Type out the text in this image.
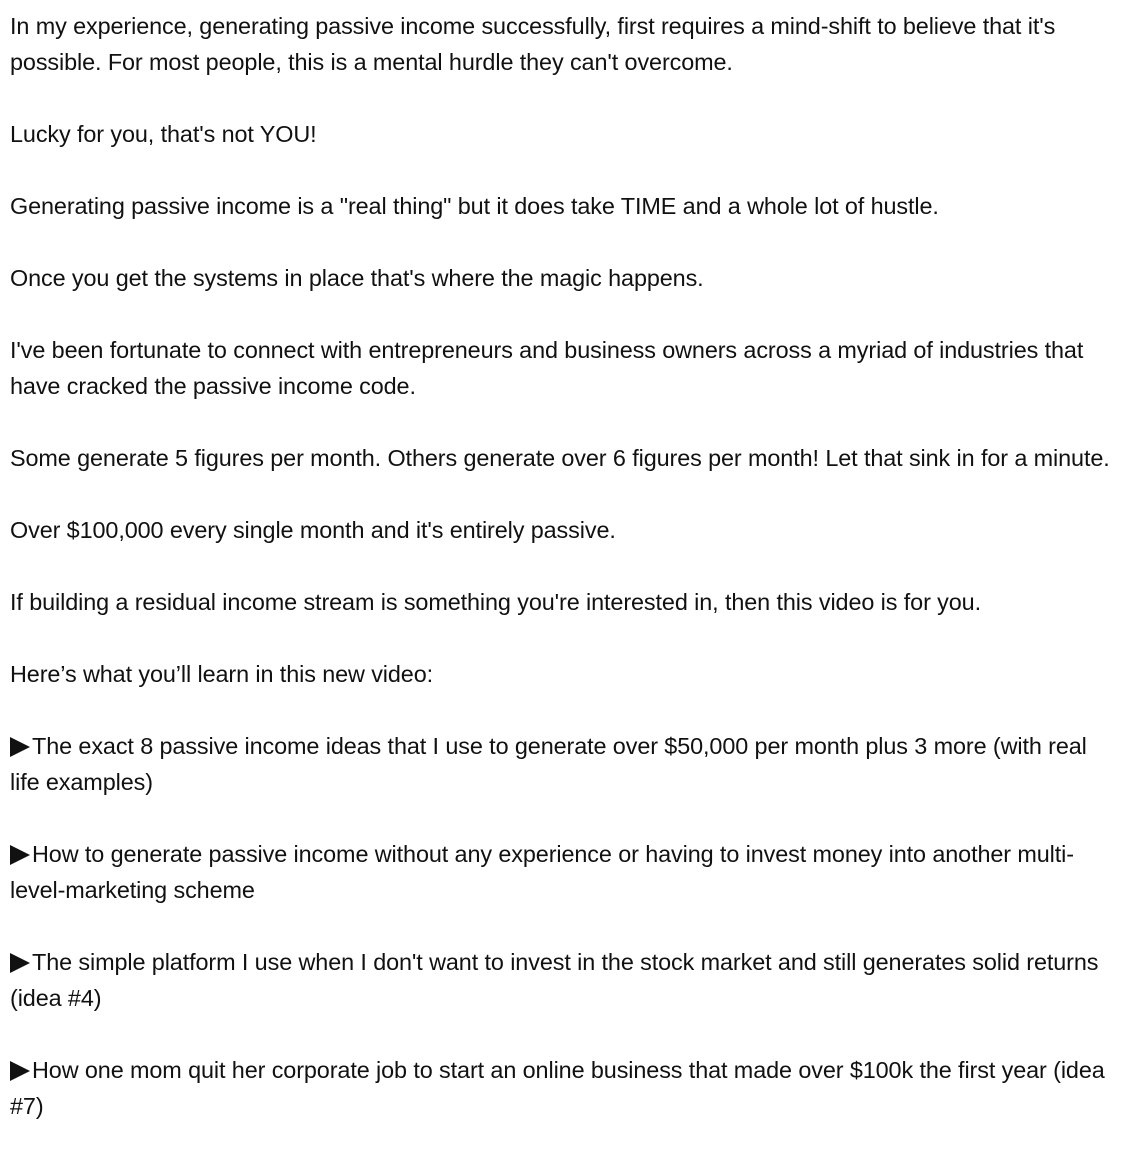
In my experience, generating passive income successfully, first requires a mind-shift to believe that it's possible. For most people, this is a mental hurdle they can't overcome.

Lucky for you, that's not YOU!

Generating passive income is a "real thing" but it does take TIME and a whole lot of hustle.

Once you get the systems in place that's where the magic happens.

I've been fortunate to connect with entrepreneurs and business owners across a myriad of industries that have cracked the passive income code.

Some generate 5 figures per month. Others generate over 6 figures per month! Let that sink in for a minute.

Over $100,000 every single month and it's entirely passive.

If building a residual income stream is something you're interested in, then this video is for you.

Here’s what you’ll learn in this new video:

The exact 8 passive income ideas that I use to generate over $50,000 per month plus 3 more (with real life examples)

How to generate passive income without any experience or having to invest money into another multi-level-marketing scheme

The simple platform I use when I don't want to invest in the stock market and still generates solid returns (idea #4)

How one mom quit her corporate job to start an online business that made over $100k the first year (idea #7)
